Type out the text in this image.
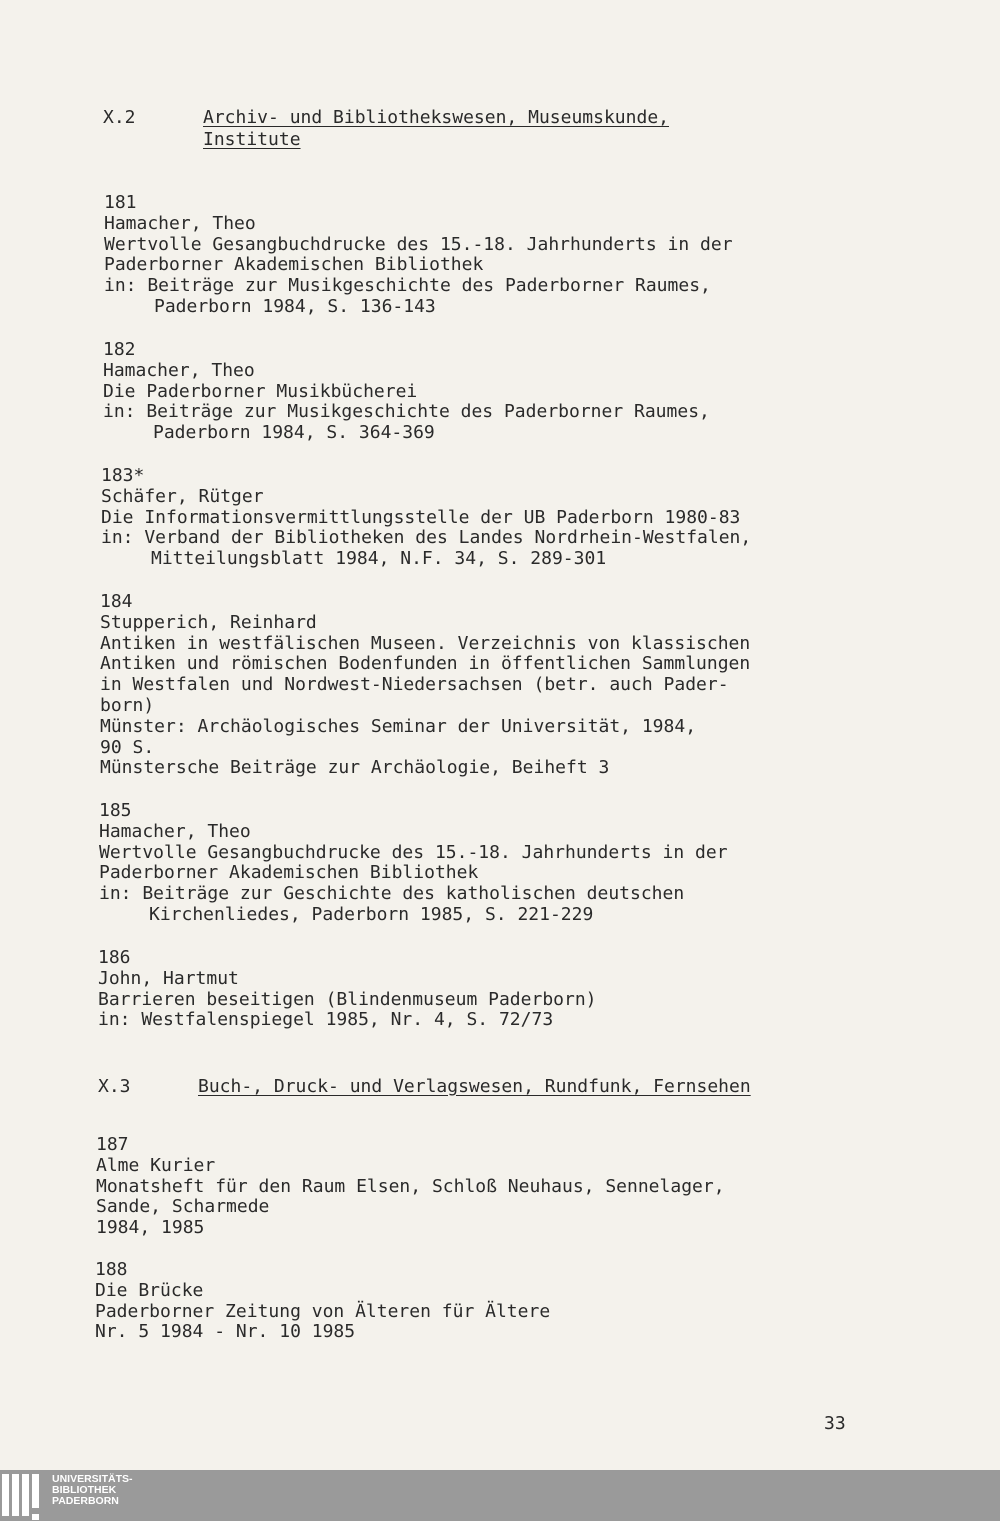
X.2	Archiv- und Bibliothekswesen, Museumskunde,
Institute
181
Hamacher, Theo
Wertvolle Gesangbuchdrucke des 15.-18. Jahrhunderts in der
Paderborner Akademischen Bibliothek
in: Beiträge zur Musikgeschichte des Paderborner Raumes,
Paderborn 1984, S. 136-143
182
Hamacher, Theo
Die Paderborner Musikbücherei
in: Beiträge zur Musikgeschichte des Paderborner Raumes,
Paderborn 1984, S. 364-369
183*
Schäfer, Rütger
Die Informationsvermittlungsstelle der UB Paderborn 1980-83
in: Verband der Bibliotheken des Landes Nordrhein-Westfalen,
Mitteilungsblatt 1984, N.F. 34, S. 289-301
184
Stupperich, Reinhard
Antiken in westfälischen Museen. Verzeichnis von klassischen
Antiken und römischen Bodenfunden in öffentlichen Sammlungen
in Westfalen und Nordwest-Niedersachsen (betr. auch Pader-
born)
Münster: Archäologisches Seminar der Universität, 1984,
90 S.
Münstersche Beiträge zur Archäologie, Beiheft 3
185
Hamacher, Theo
Wertvolle Gesangbuchdrucke des 15.-18. Jahrhunderts in der
Paderborner Akademischen Bibliothek
in: Beiträge zur Geschichte des katholischen deutschen
Kirchenliedes, Paderborn 1985, S. 221-229
186
John, Hartmut
Barrieren beseitigen (Blindenmuseum Paderborn)
in: Westfalenspiegel 1985, Nr. 4, S. 72/73
X.3	Buch-, Druck- und Verlagswesen, Rundfunk, Fernsehen
187
Alme Kurier
Monatsheft für den Raum Elsen, Schloß Neuhaus, Sennelager,
Sande, Scharmede
1984, 1985
188
Die Brücke
Paderborner Zeitung von Älteren für Ältere
Nr. 5 1984 - Nr. 10 1985
33
UNIVERSITÄTS-
BIBLIOTHEK
PADERBORN
